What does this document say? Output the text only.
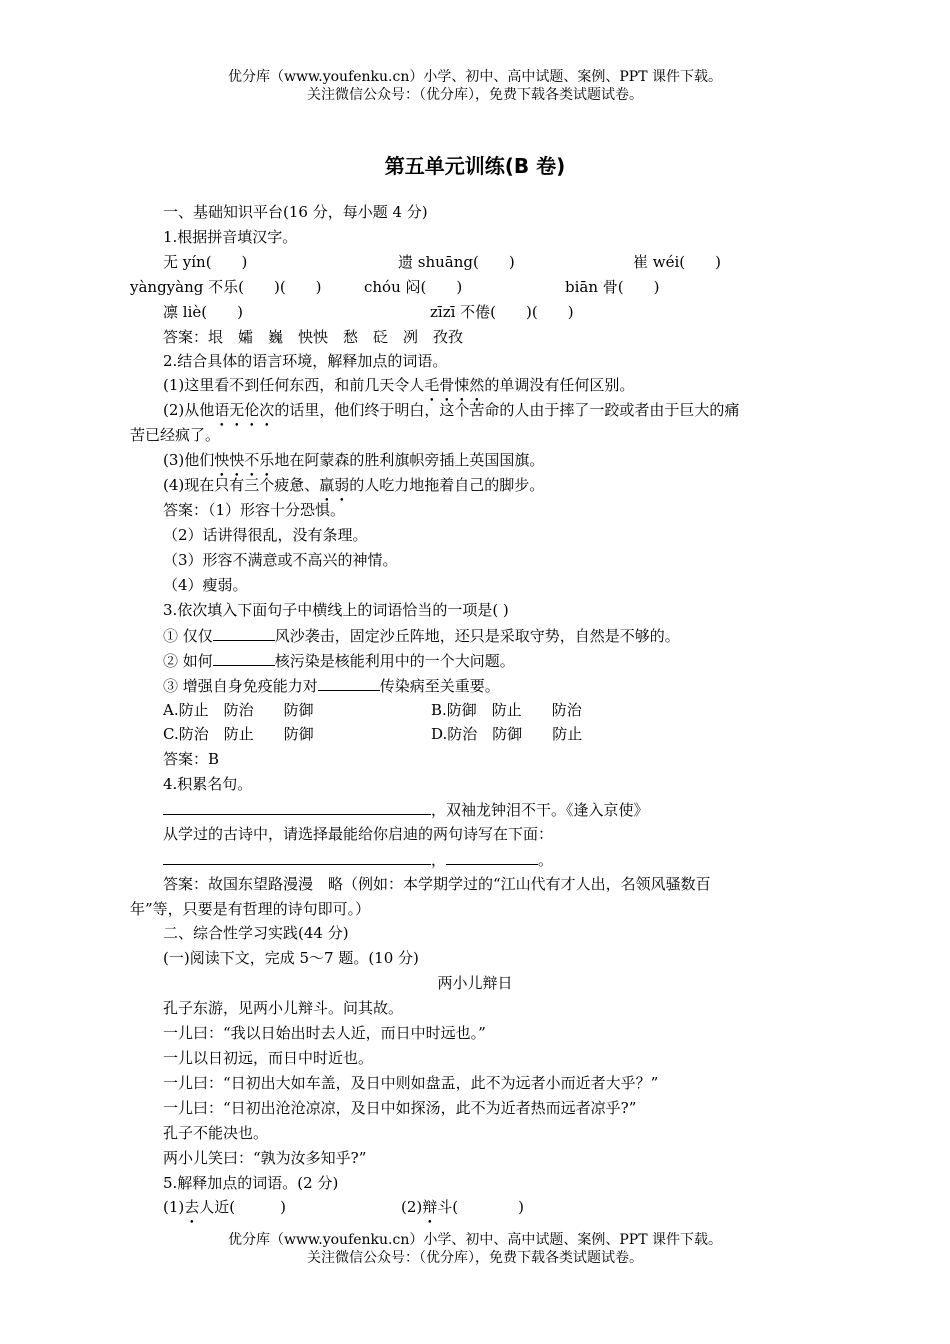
优分库（www.youfenku.cn）小学、初中、高中试题、案例、PPT 课件下载。
关注微信公众号：（优分库），免费下载各类试题试卷。
第五单元训练(B 卷)
一、基础知识平台(16 分，每小题 4 分)
1.根据拼音填汉字。
无 yín(　　)	遗 shuāng(　　)	崔 wéi(　　)
yàngyàng 不乐(　　)(　　)	chóu 闷(　　)	biān 骨(　　)
凛 liè(　　)	zīzī 不倦(　　)(　　)
答案：垠　孀　巍　怏怏　愁　砭　冽　孜孜
2.结合具体的语言环境，解释加点的词语。
(1)这里看不到任何东西，和前几天令人毛骨悚然的单调没有任何区别。
(2)从他语无伦次的话里，他们终于明白，这个苦命的人由于摔了一跤或者由于巨大的痛
苦已经疯了。
(3)他们怏怏不乐地在阿蒙森的胜利旗帜旁插上英国国旗。
(4)现在只有三个疲惫、羸弱的人吃力地拖着自己的脚步。
答案：（1）形容十分恐惧。
（2）话讲得很乱，没有条理。
（3）形容不满意或不高兴的神情。
（4）瘦弱。
3.依次填入下面句子中横线上的词语恰当的一项是( )
① 仅仅	风沙袭击，固定沙丘阵地，还只是采取守势，自然是不够的。
② 如何	核污染是核能利用中的一个大问题。
③ 增强自身免疫能力对	传染病至关重要。
A.防止　防治　　防御	B.防御　防止　　防治
C.防治　防止　　防御	D.防治　防御　　防止
答案：B
4.积累名句。
，双袖龙钟泪不干。《逢入京使》
从学过的古诗中，请选择最能给你启迪的两句诗写在下面：
，	。
答案：故国东望路漫漫　略（例如：本学期学过的“江山代有才人出，名领风骚数百
年”等，只要是有哲理的诗句即可。）
二、综合性学习实践(44 分)
(一)阅读下文，完成 5～7 题。(10 分)
两小儿辩日
孔子东游，见两小儿辩斗。问其故。
一儿曰：“我以日始出时去人近，而日中时远也。”
一儿以日初远，而日中时近也。
一儿曰：“日初出大如车盖，及日中则如盘盂，此不为远者小而近者大乎？”
一儿曰：“日初出沧沧凉凉，及日中如探汤，此不为近者热而远者凉乎?”
孔子不能决也。
两小儿笑曰：“孰为汝多知乎?”
5.解释加点的词语。(2 分)
(1)去人近(　　　)	(2)辩斗(　　　　)
优分库（www.youfenku.cn）小学、初中、高中试题、案例、PPT 课件下载。
关注微信公众号：（优分库），免费下载各类试题试卷。
